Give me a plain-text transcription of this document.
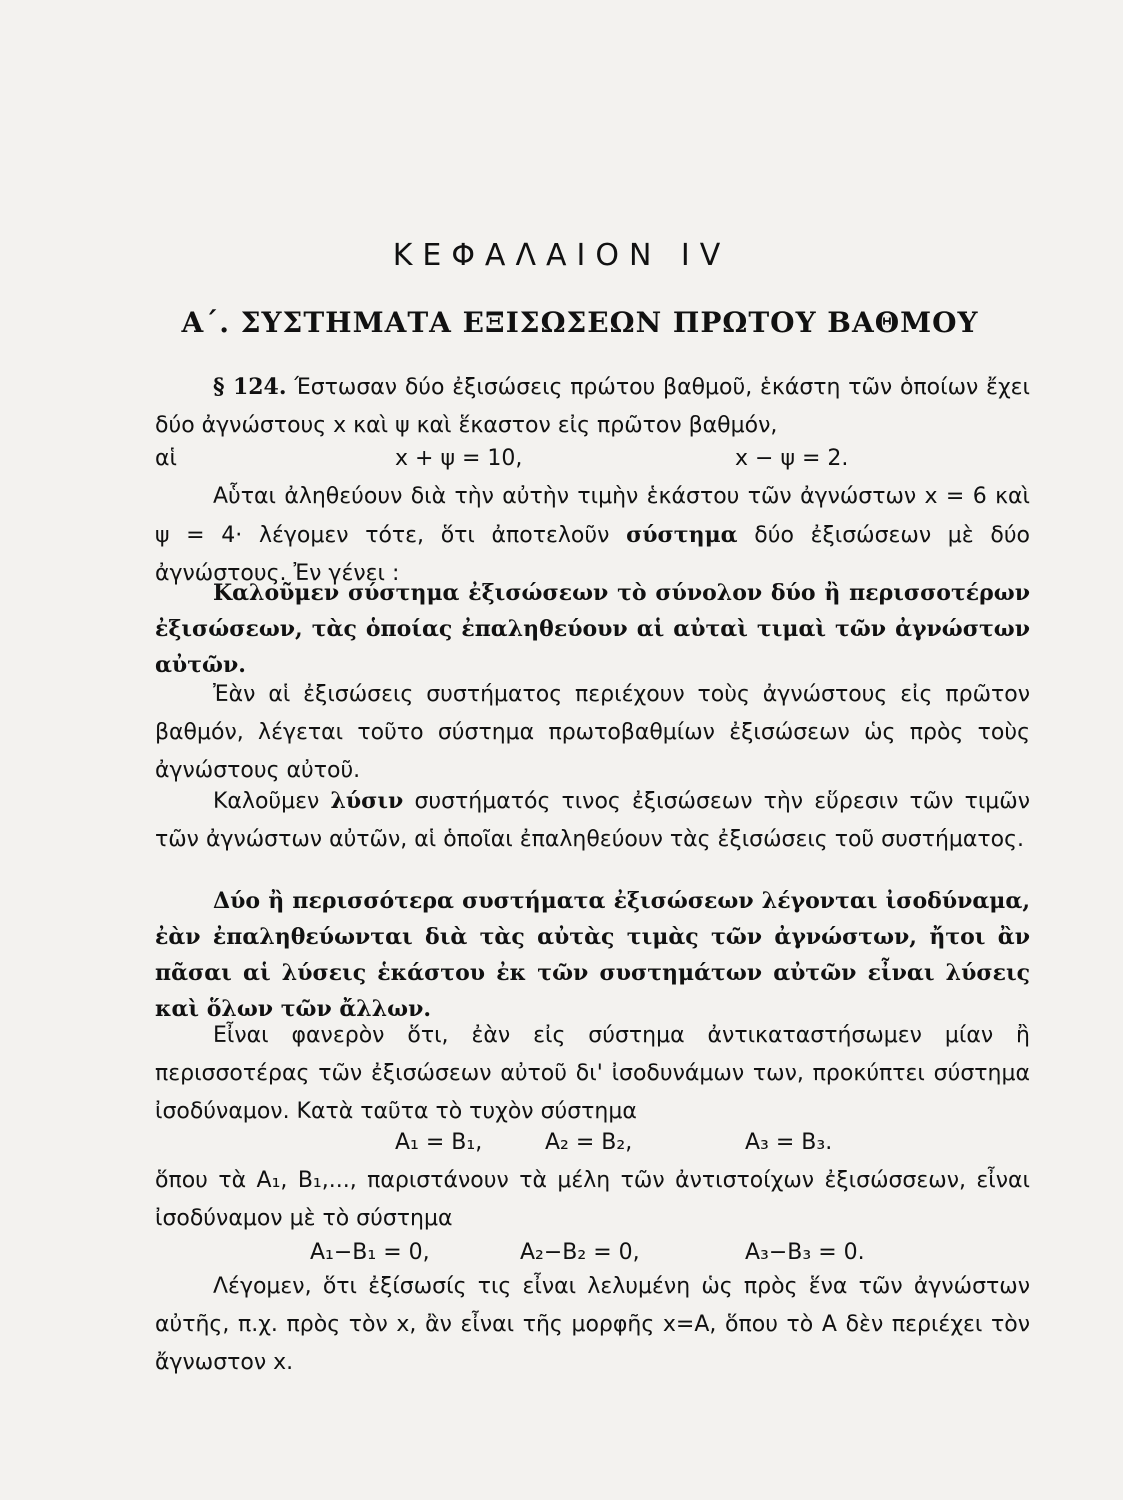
ΚΕΦΑΛΑΙΟΝ IV
Α΄. ΣΥΣΤΗΜΑΤΑ ΕΞΙΣΩΣΕΩΝ ΠΡΩΤΟΥ ΒΑΘΜΟΥ
§ 124. Έστωσαν δύο ἐξισώσεις πρώτου βαθμοῦ, ἑκάστη τῶν ὁποίων ἔχει δύο ἀγνώστους x καὶ ψ καὶ ἕκαστον εἰς πρῶτον βαθμόν,
αἱ	x + ψ = 10,	x − ψ = 2.
Αὗται ἀληθεύουν διὰ τὴν αὐτὴν τιμὴν ἑκάστου τῶν ἀγνώστων x = 6 καὶ ψ = 4· λέγομεν τότε, ὅτι ἀποτελοῦν σύστημα δύο ἐξισώσεων μὲ δύο ἀγνώστους. Ἐν γένει :
Καλοῦμεν σύστημα ἐξισώσεων τὸ σύνολον δύο ἢ περισσοτέρων ἐξισώσεων, τὰς ὁποίας ἐπαληθεύουν αἱ αὐταὶ τιμαὶ τῶν ἀγνώστων αὐτῶν.
Ἐὰν αἱ ἐξισώσεις συστήματος περιέχουν τοὺς ἀγνώστους εἰς πρῶτον βαθμόν, λέγεται τοῦτο σύστημα πρωτοβαθμίων ἐξισώσεων ὡς πρὸς τοὺς ἀγνώστους αὐτοῦ.
Καλοῦμεν λύσιν συστήματός τινος ἐξισώσεων τὴν εὕρεσιν τῶν τιμῶν τῶν ἀγνώστων αὐτῶν, αἱ ὁποῖαι ἐπαληθεύουν τὰς ἐξισώσεις τοῦ συστήματος.
Δύο ἢ περισσότερα συστήματα ἐξισώσεων λέγονται ἰσοδύναμα, ἐὰν ἐπαληθεύωνται διὰ τὰς αὐτὰς τιμὰς τῶν ἀγνώστων, ἤτοι ἂν πᾶσαι αἱ λύσεις ἑκάστου ἐκ τῶν συστημάτων αὐτῶν εἶναι λύσεις καὶ ὅλων τῶν ἄλλων.
Εἶναι φανερὸν ὅτι, ἐὰν εἰς σύστημα ἀντικαταστήσωμεν μίαν ἢ περισσοτέρας τῶν ἐξισώσεων αὐτοῦ δι' ἰσοδυνάμων των, προκύπτει σύστημα ἰσοδύναμον. Κατὰ ταῦτα τὸ τυχὸν σύστημα
A₁ = B₁,	A₂ = B₂,	A₃ = B₃.
ὅπου τὰ A₁, B₁,..., παριστάνουν τὰ μέλη τῶν ἀντιστοίχων ἐξισώσσεων, εἶναι ἰσοδύναμον μὲ τὸ σύστημα
A₁−B₁ = 0,	A₂−B₂ = 0,	A₃−B₃ = 0.
Λέγομεν, ὅτι ἐξίσωσίς τις εἶναι λελυμένη ὡς πρὸς ἕνα τῶν ἀγνώστων αὐτῆς, π.χ. πρὸς τὸν x, ἂν εἶναι τῆς μορφῆς x=A, ὅπου τὸ A δὲν περιέχει τὸν ἄγνωστον x.
